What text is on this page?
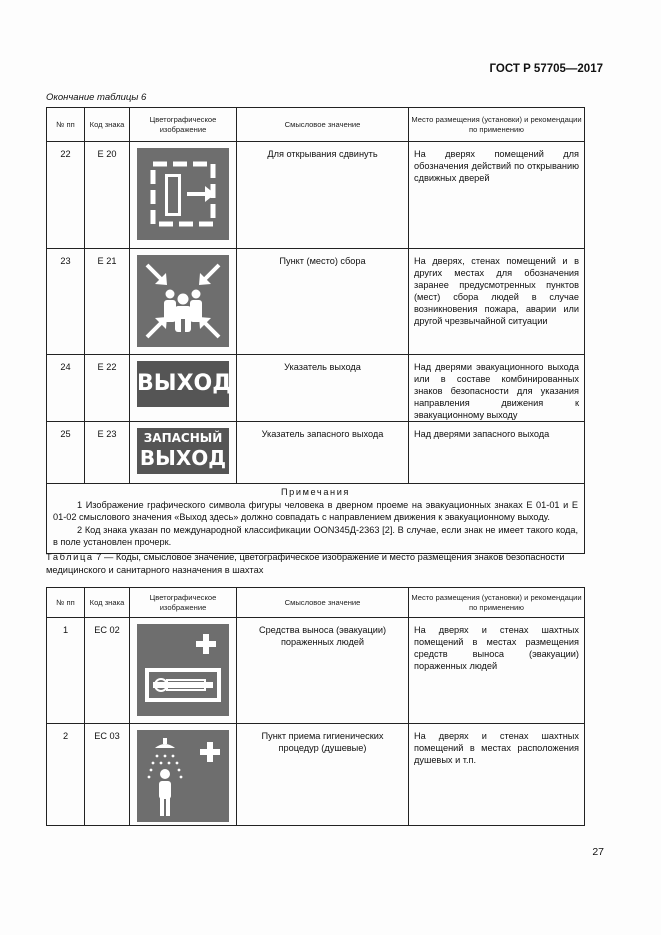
ГОСТ Р 57705—2017
Окончание таблицы 6
№ пп	Код знака	Цветографическое изображение	Смысловое значение	Место размещения (установки) и рекомендации по применению
22	Е 20		Для открывания сдвинуть	На дверях помещений для обозначения действий по открыванию сдвижных дверей
23	Е 21		Пункт (место) сбора	На дверях, стенах помещений и в других местах для обозначения заранее предусмотренных пунктов (мест) сбора людей в случае возникновения пожара, аварии или другой чрезвычайной ситуации
24	Е 22	ВЫХОД	Указатель выхода	Над дверями эвакуационного выхода или в составе комбинированных знаков безопасности для указания направления движения к эвакуационному выходу
25	Е 23	ЗАПАСНЫЙ
ВЫХОД	Указатель запасного выхода	Над дверями запасного выхода

Примечания

1 Изображение графического символа фигуры человека в дверном проеме на эвакуационных знаках Е 01-01 и Е 01-02 смыслового значения «Выход здесь» должно совпадать с направлением движения к эвакуационному выходу.

2 Код знака указан по международной классификации ООN345Д-2363 [2]. В случае, если знак не имеет такого кода, в поле установлен прочерк.				

Таблица 7 — Коды, смысловое значение, цветографическое изображение и место размещения знаков безопасности медицинского и санитарного назначения в шахтах
№ пп	Код знака	Цветографическое изображение	Смысловое значение	Место размещения (установки) и рекомендации по применению
1	ЕС 02		Средства выноса (эвакуации) пораженных людей	На дверях и стенах шахтных помещений в местах размещения средств выноса (эвакуации) пораженных людей
2	ЕС 03		Пункт приема гигиенических процедур (душевые)	На дверях и стенах шахтных помещений в местах расположения душевых и т.п.
27
